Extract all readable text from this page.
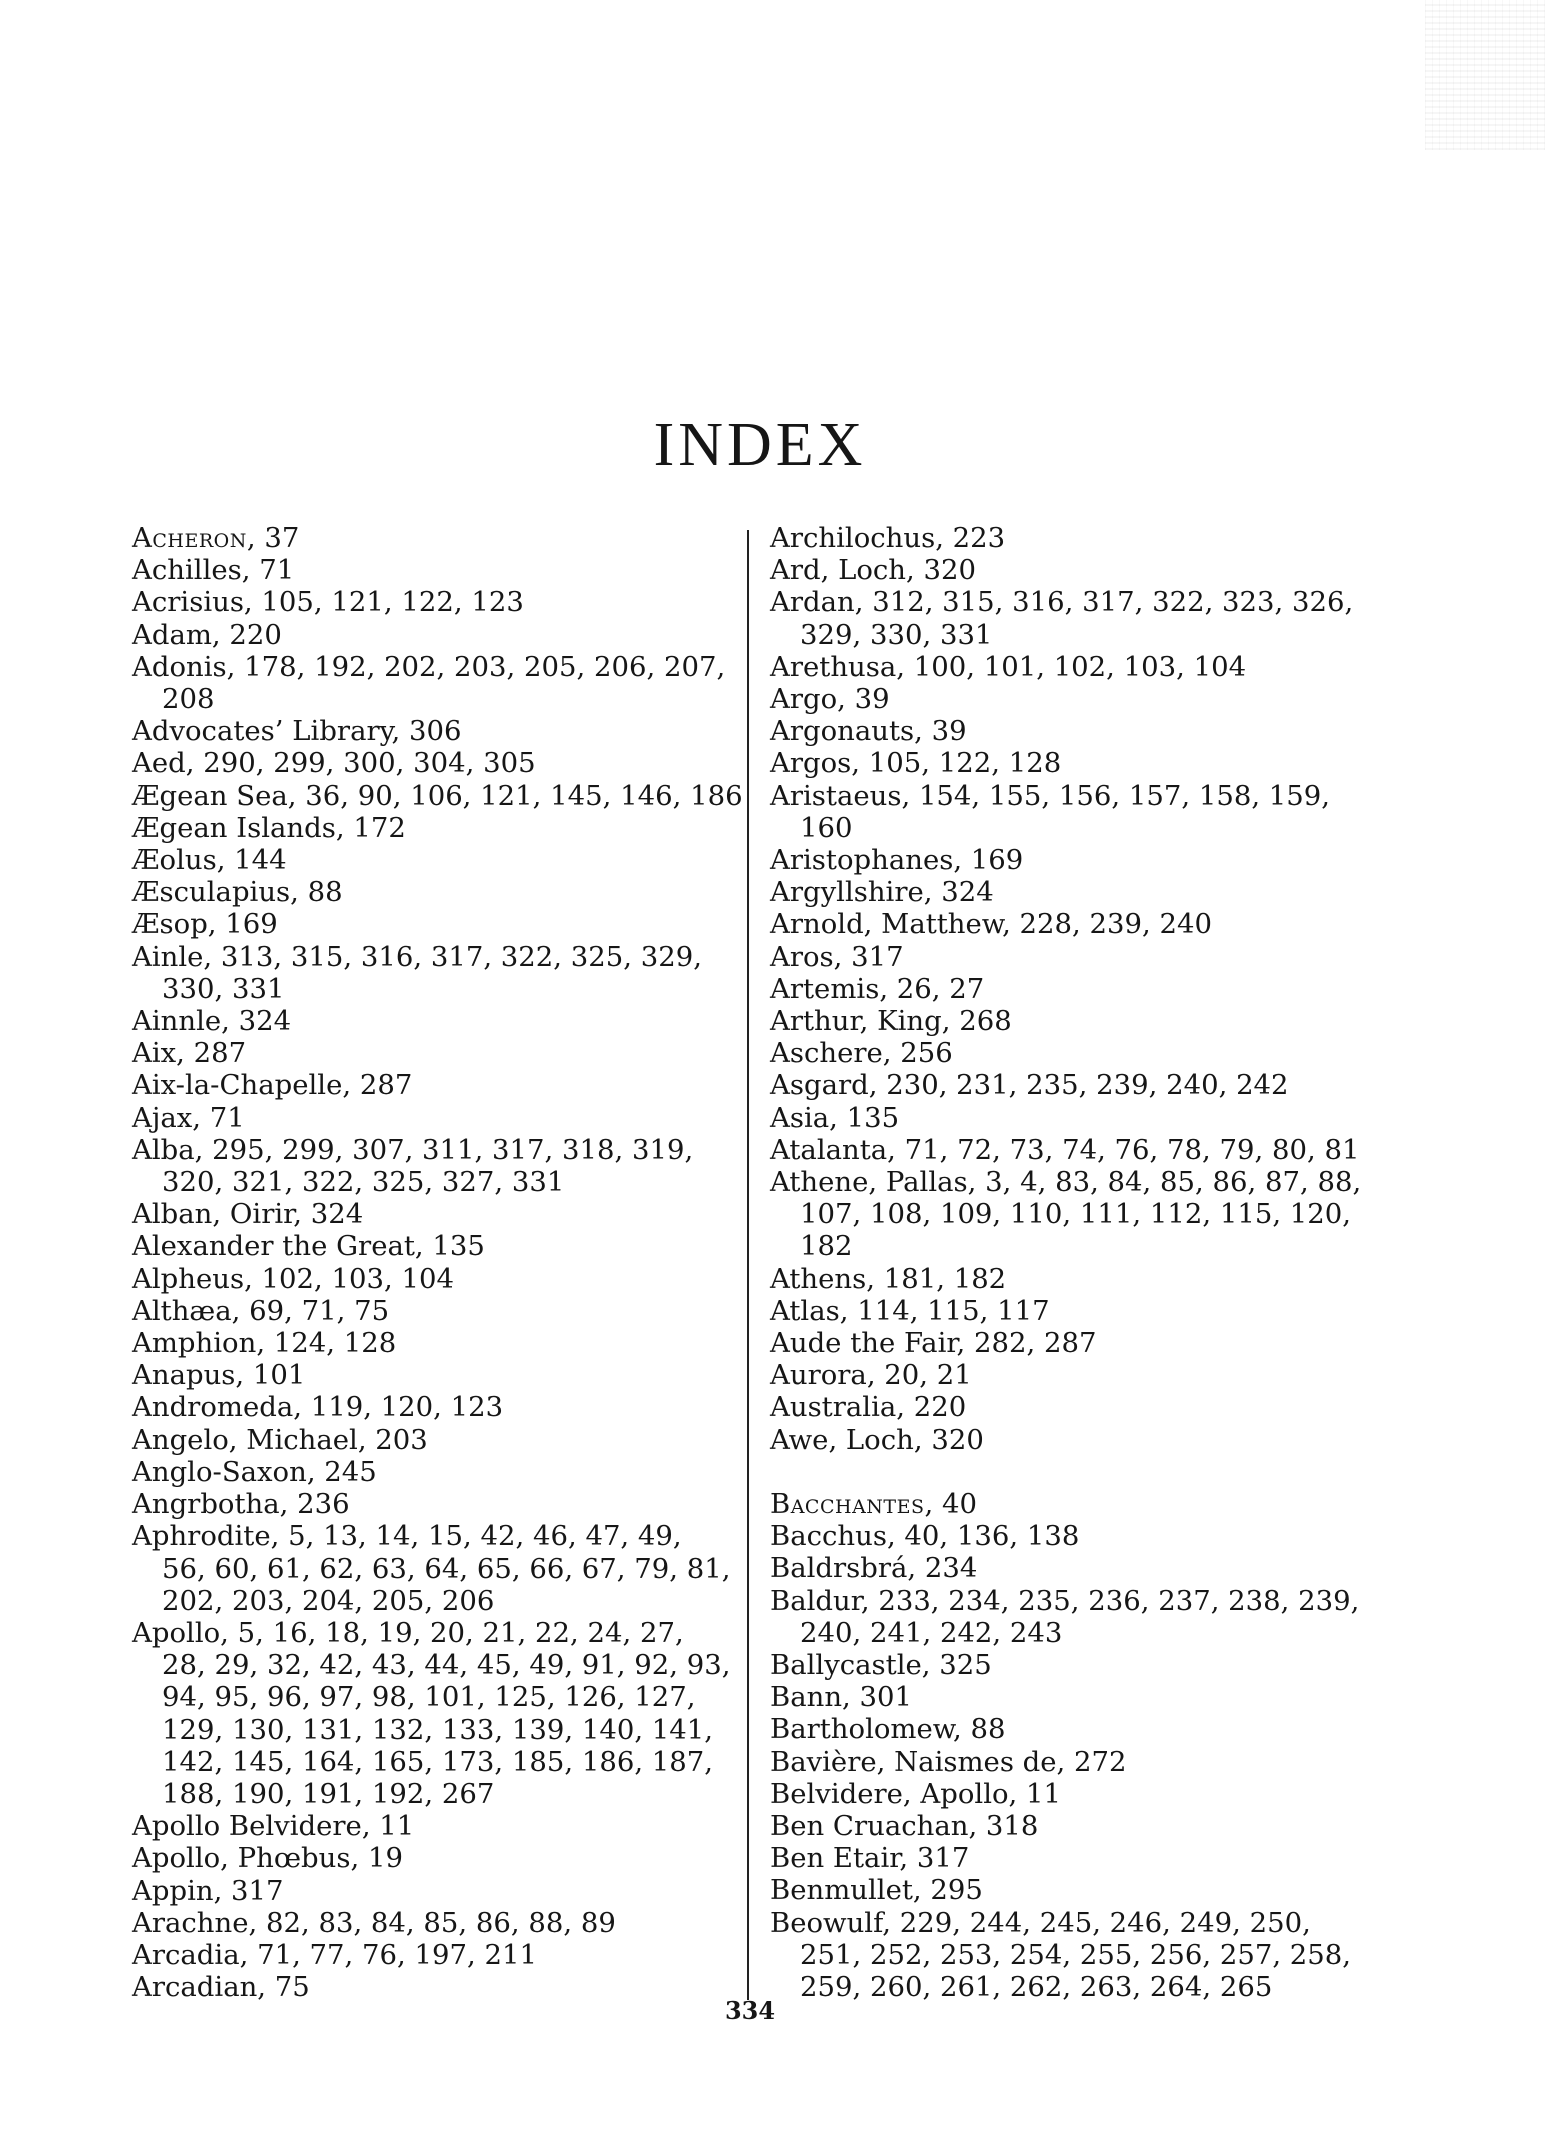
INDEX
Acheron, 37
Achilles, 71
Acrisius, 105, 121, 122, 123
Adam, 220
Adonis, 178, 192, 202, 203, 205, 206, 207,
208
Advocates’ Library, 306
Aed, 290, 299, 300, 304, 305
Ægean Sea, 36, 90, 106, 121, 145, 146, 186
Ægean Islands, 172
Æolus, 144
Æsculapius, 88
Æsop, 169
Ainle, 313, 315, 316, 317, 322, 325, 329,
330, 331
Ainnle, 324
Aix, 287
Aix-la-Chapelle, 287
Ajax, 71
Alba, 295, 299, 307, 311, 317, 318, 319,
320, 321, 322, 325, 327, 331
Alban, Oirir, 324
Alexander the Great, 135
Alpheus, 102, 103, 104
Althæa, 69, 71, 75
Amphion, 124, 128
Anapus, 101
Andromeda, 119, 120, 123
Angelo, Michael, 203
Anglo-Saxon, 245
Angrbotha, 236
Aphrodite, 5, 13, 14, 15, 42, 46, 47, 49,
56, 60, 61, 62, 63, 64, 65, 66, 67, 79, 81,
202, 203, 204, 205, 206
Apollo, 5, 16, 18, 19, 20, 21, 22, 24, 27,
28, 29, 32, 42, 43, 44, 45, 49, 91, 92, 93,
94, 95, 96, 97, 98, 101, 125, 126, 127,
129, 130, 131, 132, 133, 139, 140, 141,
142, 145, 164, 165, 173, 185, 186, 187,
188, 190, 191, 192, 267
Apollo Belvidere, 11
Apollo, Phœbus, 19
Appin, 317
Arachne, 82, 83, 84, 85, 86, 88, 89
Arcadia, 71, 77, 76, 197, 211
Arcadian, 75
Archilochus, 223
Ard, Loch, 320
Ardan, 312, 315, 316, 317, 322, 323, 326,
329, 330, 331
Arethusa, 100, 101, 102, 103, 104
Argo, 39
Argonauts, 39
Argos, 105, 122, 128
Aristaeus, 154, 155, 156, 157, 158, 159,
160
Aristophanes, 169
Argyllshire, 324
Arnold, Matthew, 228, 239, 240
Aros, 317
Artemis, 26, 27
Arthur, King, 268
Aschere, 256
Asgard, 230, 231, 235, 239, 240, 242
Asia, 135
Atalanta, 71, 72, 73, 74, 76, 78, 79, 80, 81
Athene, Pallas, 3, 4, 83, 84, 85, 86, 87, 88,
107, 108, 109, 110, 111, 112, 115, 120,
182
Athens, 181, 182
Atlas, 114, 115, 117
Aude the Fair, 282, 287
Aurora, 20, 21
Australia, 220
Awe, Loch, 320
Bacchantes, 40
Bacchus, 40, 136, 138
Baldrsbrá, 234
Baldur, 233, 234, 235, 236, 237, 238, 239,
240, 241, 242, 243
Ballycastle, 325
Bann, 301
Bartholomew, 88
Bavière, Naismes de, 272
Belvidere, Apollo, 11
Ben Cruachan, 318
Ben Etair, 317
Benmullet, 295
Beowulf, 229, 244, 245, 246, 249, 250,
251, 252, 253, 254, 255, 256, 257, 258,
259, 260, 261, 262, 263, 264, 265
334
